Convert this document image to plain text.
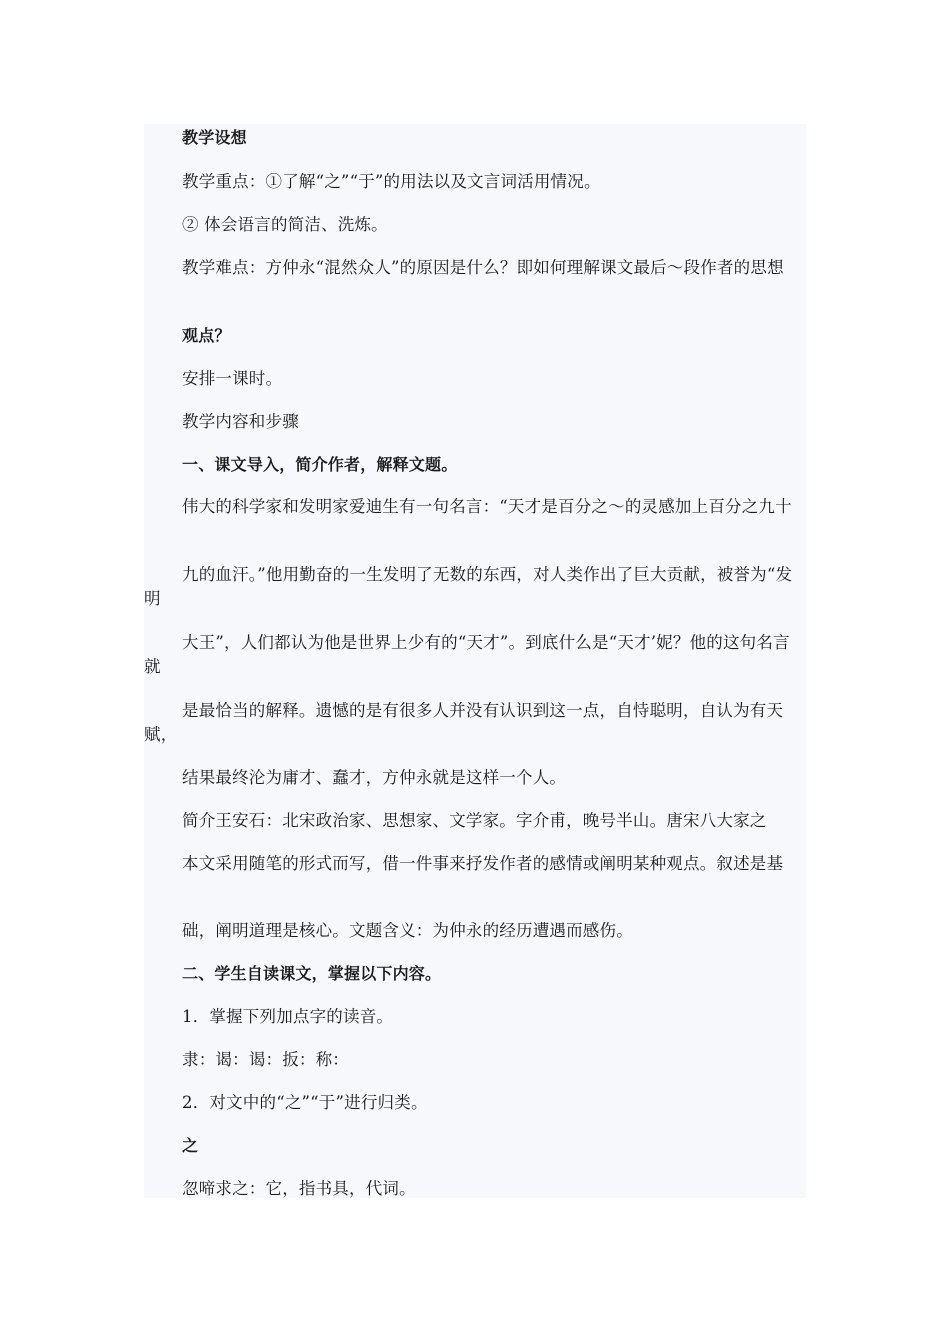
教学设想

教学重点：①了解“之”“于”的用法以及文言词活用情况。

② 体会语言的简洁、洗炼。

教学难点：方仲永“混然众人”的原因是什么？即如何理解课文最后～段作者的思想

观点？

安排一课时。

教学内容和步骤

一、课文导入，简介作者，解释文题。

伟大的科学家和发明家爱迪生有一句名言：“天才是百分之～的灵感加上百分之九十

九的血汗。”他用勤奋的一生发明了无数的东西，对人类作出了巨大贡献，被誉为“发明

大王”，人们都认为他是世界上少有的“天才”。到底什么是“天才’妮？他的这句名言就

是最恰当的解释。遗憾的是有很多人并没有认识到这一点，自恃聪明，自认为有天赋，

结果最终沦为庸才、蠢才，方仲永就是这样一个人。

简介王安石：北宋政治家、思想家、文学家。字介甫，晚号半山。唐宋八大家之

本文采用随笔的形式而写，借一件事来抒发作者的感情或阐明某种观点。叙述是基

础，阐明道理是核心。文题含义：为仲永的经历遭遇而感伤。

二、学生自读课文，掌握以下内容。

1．掌握下列加点字的读音。

隶：谒：谒：扳：称：

2．对文中的“之”“于”进行归类。

之

忽啼求之：它，指书具，代词。
